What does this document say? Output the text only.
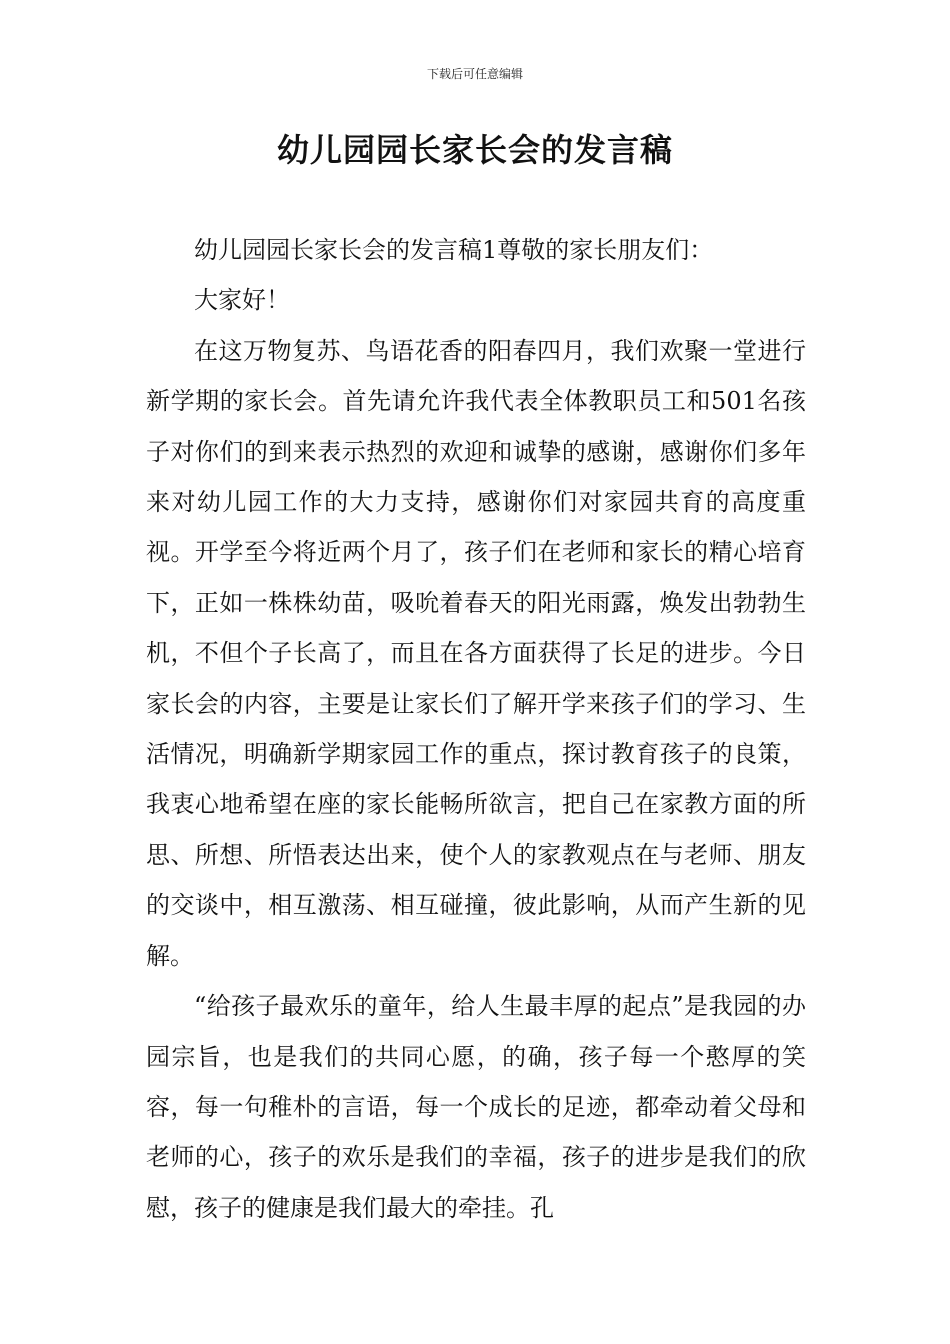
下载后可任意编辑
幼儿园园长家长会的发言稿

幼儿园园长家长会的发言稿1尊敬的家长朋友们：

大家好！

在这万物复苏、鸟语花香的阳春四月，我们欢聚一堂进行新学期的家长会。首先请允许我代表全体教职员工和501名孩子对你们的到来表示热烈的欢迎和诚挚的感谢，感谢你们多年来对幼儿园工作的大力支持，感谢你们对家园共育的高度重视。开学至今将近两个月了，孩子们在老师和家长的精心培育下，正如一株株幼苗，吸吮着春天的阳光雨露，焕发出勃勃生机，不但个子长高了，而且在各方面获得了长足的进步。今日家长会的内容，主要是让家长们了解开学来孩子们的学习、生活情况，明确新学期家园工作的重点，探讨教育孩子的良策，我衷心地希望在座的家长能畅所欲言，把自己在家教方面的所思、所想、所悟表达出来，使个人的家教观点在与老师、朋友的交谈中，相互激荡、相互碰撞，彼此影响，从而产生新的见解。

“给孩子最欢乐的童年，给人生最丰厚的起点”是我园的办园宗旨，也是我们的共同心愿，的确，孩子每一个憨厚的笑容，每一句稚朴的言语，每一个成长的足迹，都牵动着父母和老师的心，孩子的欢乐是我们的幸福，孩子的进步是我们的欣慰，孩子的健康是我们最大的牵挂。孔
